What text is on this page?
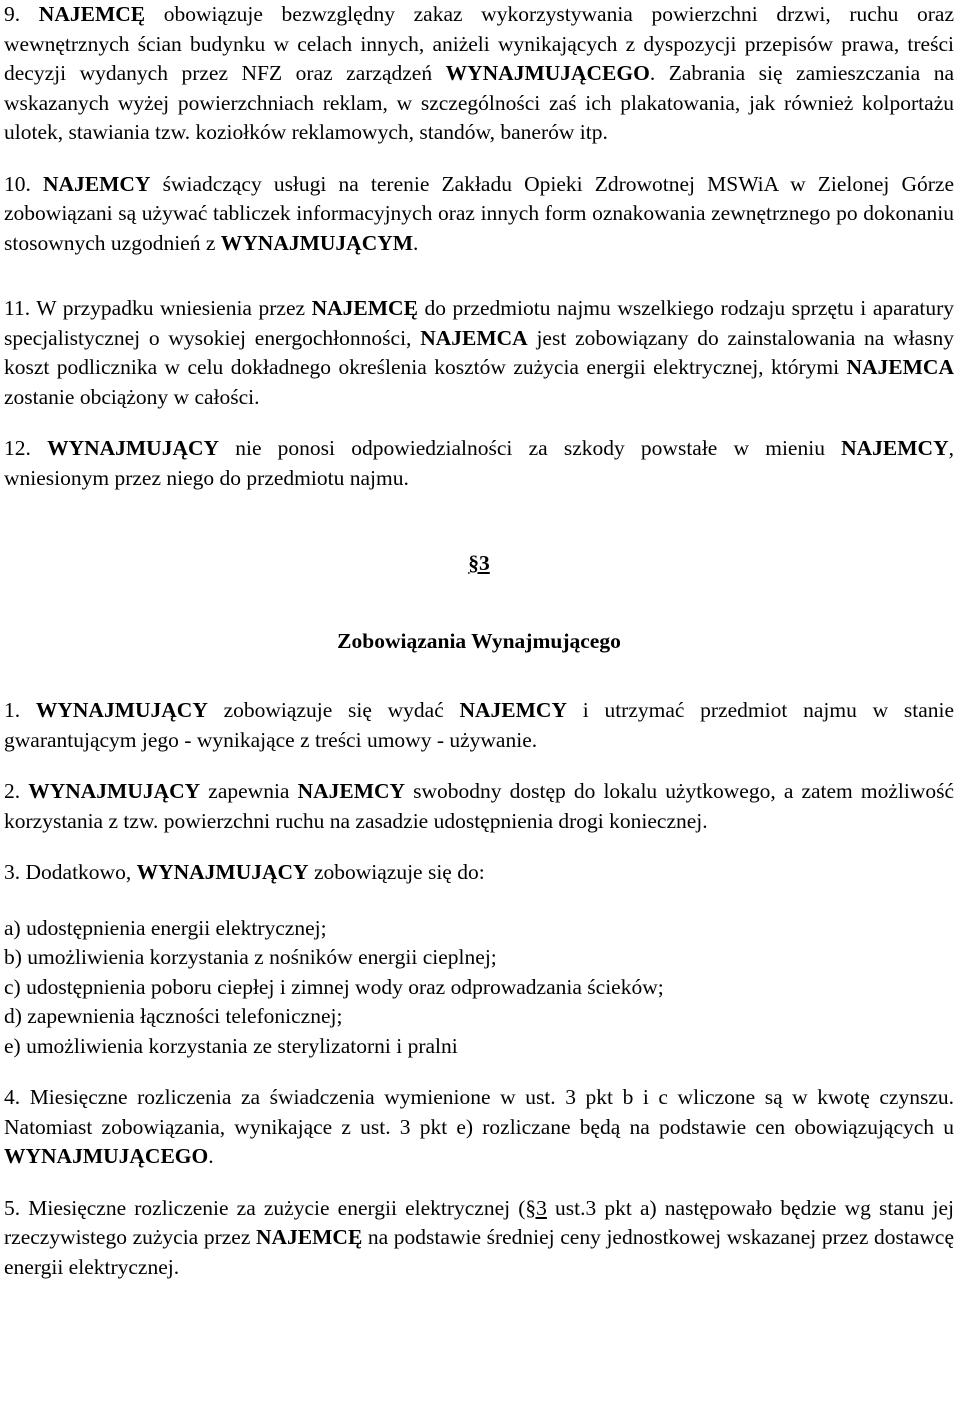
9. NAJEMCĘ obowiązuje bezwzględny zakaz wykorzystywania powierzchni drzwi, ruchu oraz wewnętrznych ścian budynku w celach innych, aniżeli wynikających z dyspozycji przepisów prawa, treści decyzji wydanych przez NFZ oraz zarządzeń WYNAJMUJĄCEGO. Zabrania się zamieszczania na wskazanych wyżej powierzchniach reklam, w szczególności zaś ich plakatowania, jak również kolportażu ulotek, stawiania tzw. koziołków reklamowych, standów, banerów itp.

10. NAJEMCY świadczący usługi na terenie Zakładu Opieki Zdrowotnej MSWiA w Zielonej Górze zobowiązani są używać tabliczek informacyjnych oraz innych form oznakowania zewnętrznego po dokonaniu stosownych uzgodnień z WYNAJMUJĄCYM.

11. W przypadku wniesienia przez NAJEMCĘ do przedmiotu najmu wszelkiego rodzaju sprzętu i aparatury specjalistycznej o wysokiej energochłonności, NAJEMCA jest zobowiązany do zainstalowania na własny koszt podlicznika w celu dokładnego określenia kosztów zużycia energii elektrycznej, którymi NAJEMCA zostanie obciążony w całości.

12. WYNAJMUJĄCY nie ponosi odpowiedzialności za szkody powstałe w mieniu NAJEMCY, wniesionym przez niego do przedmiotu najmu.

§3
Zobowiązania Wynajmującego

1. WYNAJMUJĄCY zobowiązuje się wydać NAJEMCY i utrzymać przedmiot najmu w stanie gwarantującym jego - wynikające z treści umowy - używanie.

2. WYNAJMUJĄCY zapewnia NAJEMCY swobodny dostęp do lokalu użytkowego, a zatem możliwość korzystania z tzw. powierzchni ruchu na zasadzie udostępnienia drogi koniecznej.

3. Dodatkowo, WYNAJMUJĄCY zobowiązuje się do:

a) udostępnienia energii elektrycznej;

b) umożliwienia korzystania z nośników energii cieplnej;

c) udostępnienia poboru ciepłej i zimnej wody oraz odprowadzania ścieków;

d) zapewnienia łączności telefonicznej;

e) umożliwienia korzystania ze sterylizatorni i pralni

4. Miesięczne rozliczenia za świadczenia wymienione w ust. 3 pkt b i c wliczone są w kwotę czynszu. Natomiast zobowiązania, wynikające z ust. 3 pkt e) rozliczane będą na podstawie cen obowiązujących u WYNAJMUJĄCEGO.

5. Miesięczne rozliczenie za zużycie energii elektrycznej (§3 ust.3 pkt a) następowało będzie wg stanu jej rzeczywistego zużycia przez NAJEMCĘ na podstawie średniej ceny jednostkowej wskazanej przez dostawcę energii elektrycznej.
